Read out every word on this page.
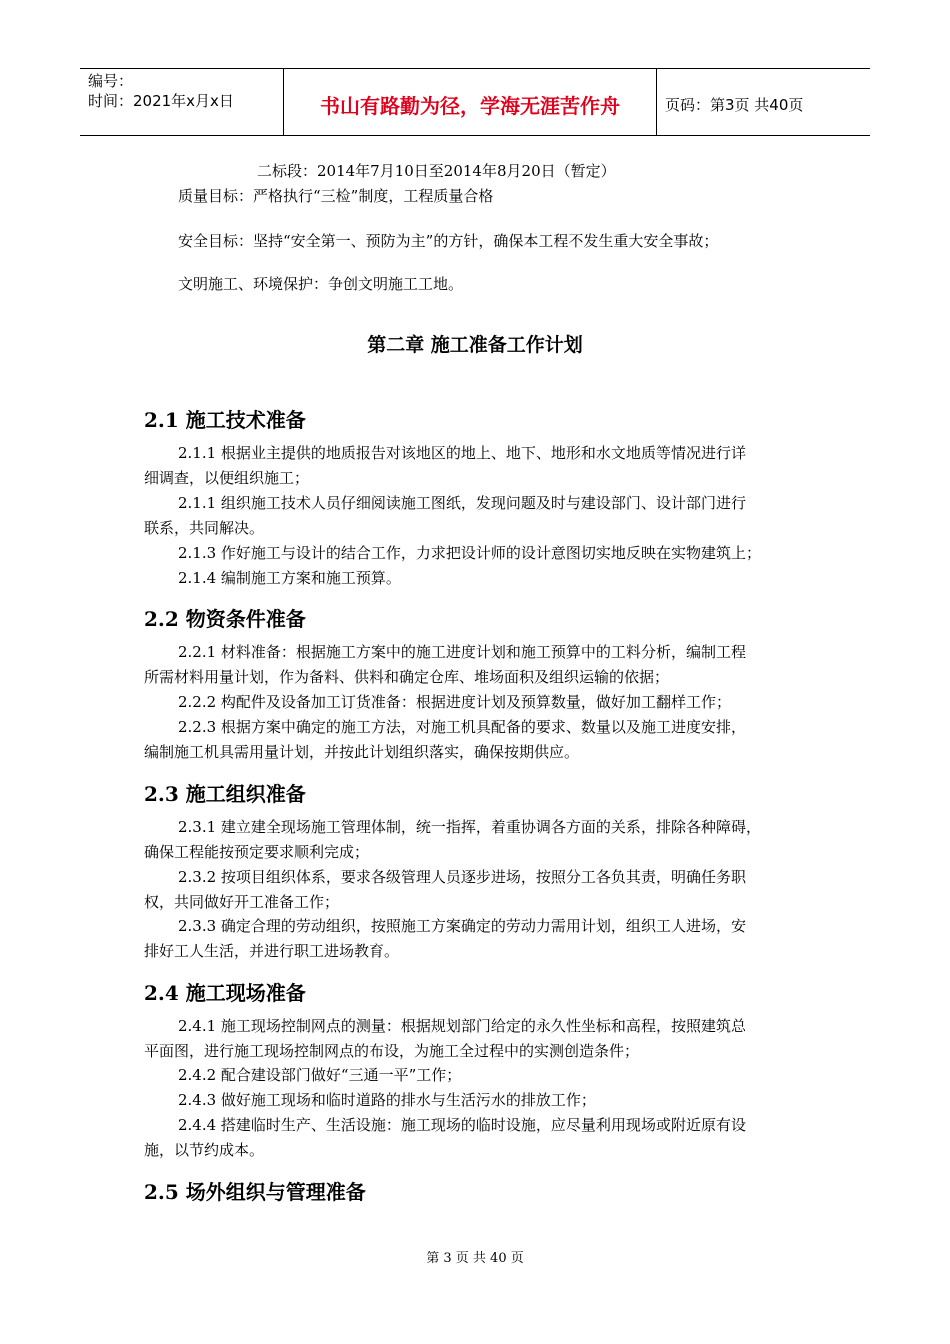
编号：
时间：2021年x月x日	书山有路勤为径，学海无涯苦作舟	页码：第3页 共40页
二标段：2014年7月10日至2014年8月20日（暂定）
质量目标：严格执行“三检”制度，工程质量合格
安全目标：坚持“安全第一、预防为主”的方针，确保本工程不发生重大安全事故；
文明施工、环境保护：争创文明施工工地。
第二章 施工准备工作计划
2.1 施工技术准备
2.1.1 根据业主提供的地质报告对该地区的地上、地下、地形和水文地质等情况进行详
细调查，以便组织施工；
2.1.1 组织施工技术人员仔细阅读施工图纸，发现问题及时与建设部门、设计部门进行
联系，共同解决。
2.1.3 作好施工与设计的结合工作，力求把设计师的设计意图切实地反映在实物建筑上；
2.1.4 编制施工方案和施工预算。
2.2 物资条件准备
2.2.1 材料准备：根据施工方案中的施工进度计划和施工预算中的工料分析，编制工程
所需材料用量计划，作为备料、供料和确定仓库、堆场面积及组织运输的依据；
2.2.2 构配件及设备加工订货准备：根据进度计划及预算数量，做好加工翻样工作；
2.2.3 根据方案中确定的施工方法，对施工机具配备的要求、数量以及施工进度安排，
编制施工机具需用量计划，并按此计划组织落实，确保按期供应。
2.3 施工组织准备
2.3.1 建立建全现场施工管理体制，统一指挥，着重协调各方面的关系，排除各种障碍，
确保工程能按预定要求顺利完成；
2.3.2 按项目组织体系，要求各级管理人员逐步进场，按照分工各负其责，明确任务职
权，共同做好开工准备工作；
2.3.3 确定合理的劳动组织，按照施工方案确定的劳动力需用计划，组织工人进场，安
排好工人生活，并进行职工进场教育。
2.4 施工现场准备
2.4.1 施工现场控制网点的测量：根据规划部门给定的永久性坐标和高程，按照建筑总
平面图，进行施工现场控制网点的布设，为施工全过程中的实测创造条件；
2.4.2 配合建设部门做好“三通一平”工作；
2.4.3 做好施工现场和临时道路的排水与生活污水的排放工作；
2.4.4 搭建临时生产、生活设施：施工现场的临时设施，应尽量利用现场或附近原有设
施，以节约成本。
2.5 场外组织与管理准备
第 3 页 共 40 页
